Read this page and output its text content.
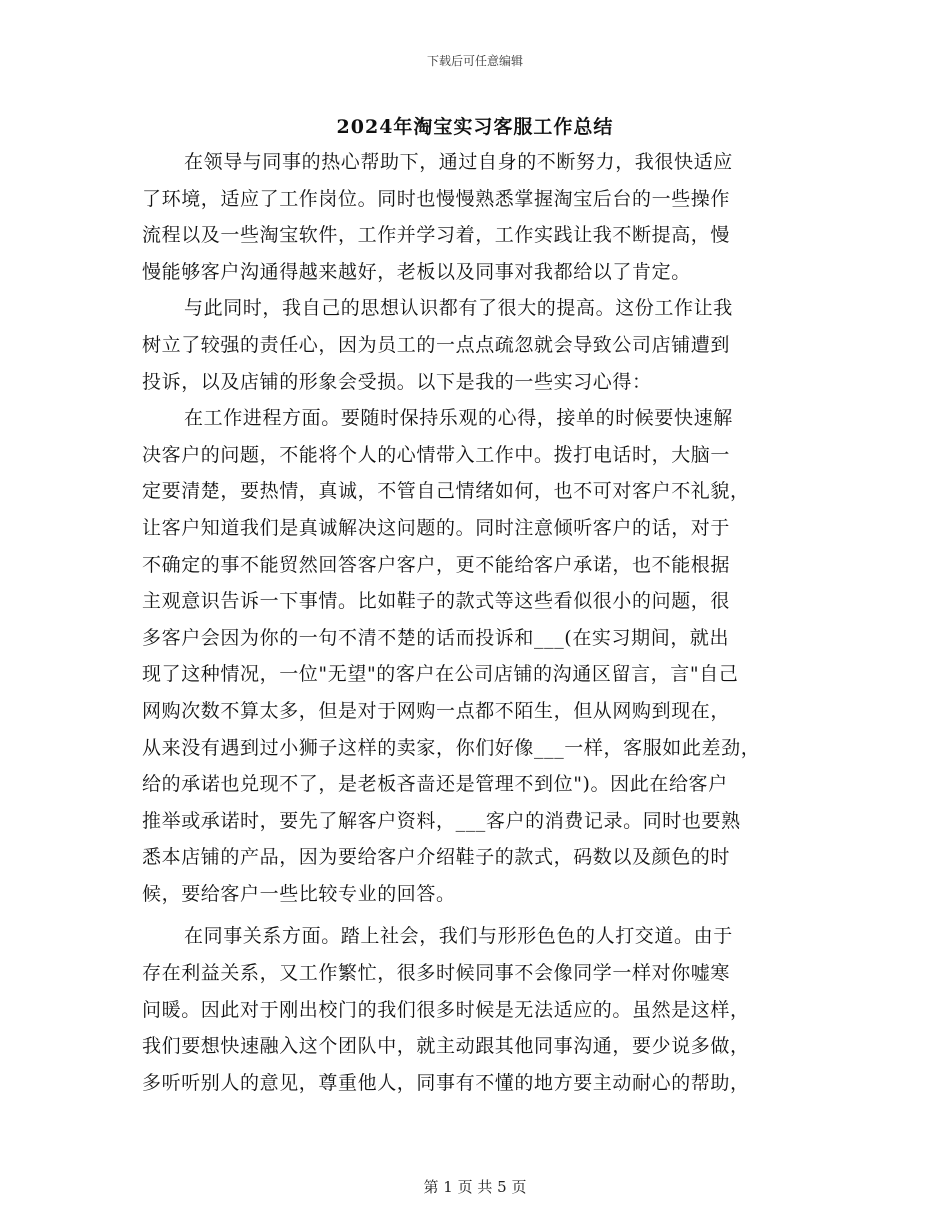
下载后可任意编辑
2024年淘宝实习客服工作总结
在领导与同事的热心帮助下，通过自身的不断努力，我很快适应
了环境，适应了工作岗位。同时也慢慢熟悉掌握淘宝后台的一些操作
流程以及一些淘宝软件，工作并学习着，工作实践让我不断提高，慢
慢能够客户沟通得越来越好，老板以及同事对我都给以了肯定。
与此同时，我自己的思想认识都有了很大的提高。这份工作让我
树立了较强的责任心，因为员工的一点点疏忽就会导致公司店铺遭到
投诉，以及店铺的形象会受损。以下是我的一些实习心得：
在工作进程方面。要随时保持乐观的心得，接单的时候要快速解
决客户的问题，不能将个人的心情带入工作中。拨打电话时，大脑一
定要清楚，要热情，真诚，不管自己情绪如何，也不可对客户不礼貌，
让客户知道我们是真诚解决这问题的。同时注意倾听客户的话，对于
不确定的事不能贸然回答客户客户，更不能给客户承诺，也不能根据
主观意识告诉一下事情。比如鞋子的款式等这些看似很小的问题，很
多客户会因为你的一句不清不楚的话而投诉和___(在实习期间，就出
现了这种情况，一位"无望"的客户在公司店铺的沟通区留言，言"自己
网购次数不算太多，但是对于网购一点都不陌生，但从网购到现在，
从来没有遇到过小狮子这样的卖家，你们好像___一样，客服如此差劲，
给的承诺也兑现不了，是老板吝啬还是管理不到位")。因此在给客户
推举或承诺时，要先了解客户资料，___客户的消费记录。同时也要熟
悉本店铺的产品，因为要给客户介绍鞋子的款式，码数以及颜色的时
候，要给客户一些比较专业的回答。
在同事关系方面。踏上社会，我们与形形色色的人打交道。由于
存在利益关系，又工作繁忙，很多时候同事不会像同学一样对你嘘寒
问暖。因此对于刚出校门的我们很多时候是无法适应的。虽然是这样，
我们要想快速融入这个团队中，就主动跟其他同事沟通，要少说多做，
多听听别人的意见，尊重他人，同事有不懂的地方要主动耐心的帮助，
第 1 页 共 5 页
